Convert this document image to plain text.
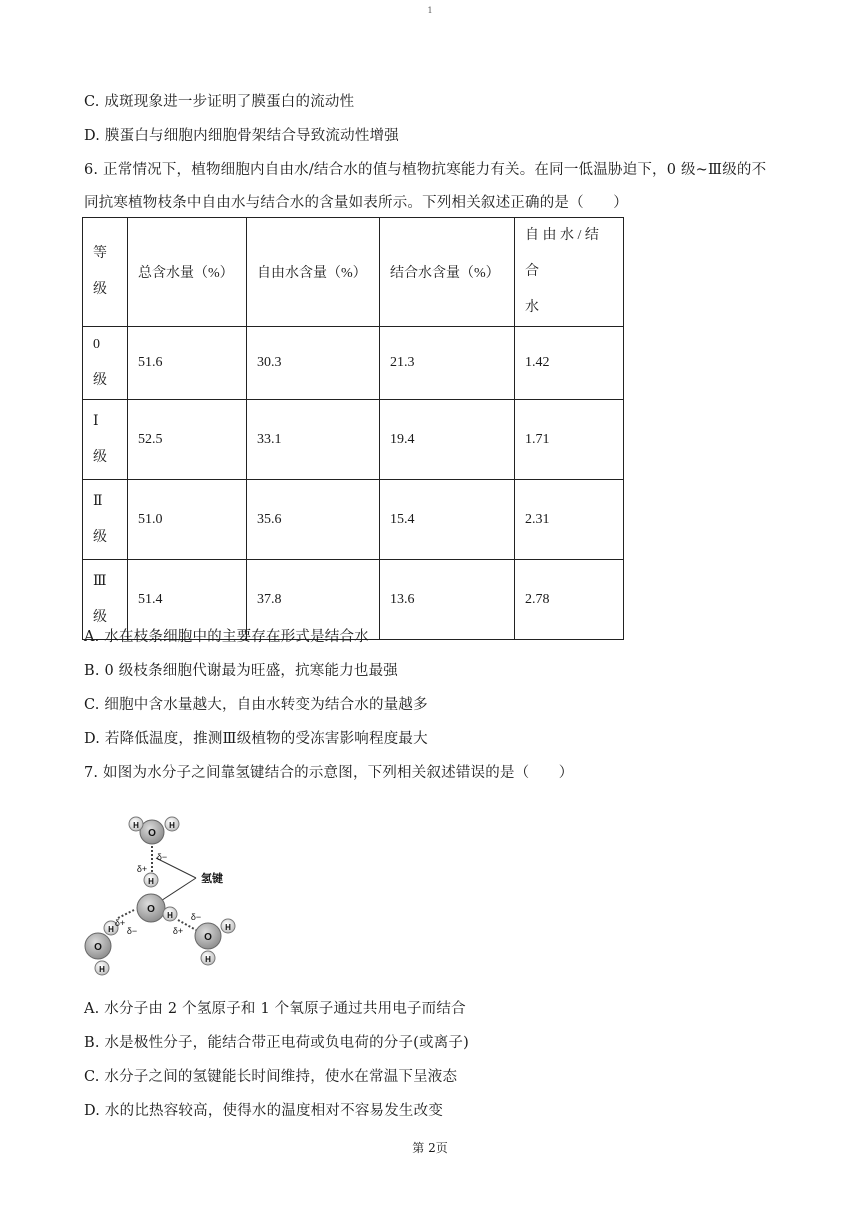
1
C. 成斑现象进一步证明了膜蛋白的流动性
D. 膜蛋白与细胞内细胞骨架结合导致流动性增强
6. 正常情况下，植物细胞内自由水/结合水的值与植物抗寒能力有关。在同一低温胁迫下，0 级~Ⅲ级的不
同抗寒植物枝条中自由水与结合水的含量如表所示。下列相关叙述正确的是（　　）
等
级	总含水量（%）	自由水含量（%）	结合水含量（%）	自 由 水 / 结 合
水
0 级	51.6	30.3	21.3	1.42
Ⅰ
级	52.5	33.1	19.4	1.71
Ⅱ
级	51.0	35.6	15.4	2.31
Ⅲ
级	51.4	37.8	13.6	2.78
A. 水在枝条细胞中的主要存在形式是结合水
B. 0 级枝条细胞代谢最为旺盛，抗寒能力也最强
C. 细胞中含水量越大，自由水转变为结合水的量越多
D. 若降低温度，推测Ⅲ级植物的受冻害影响程度最大
7. 如图为水分子之间靠氢键结合的示意图，下列相关叙述错误的是（　　）
O
H	H
O
H
H
O
H
H
O
H
H
δ−
δ+
δ+
δ−	δ+
δ−
氢键
A. 水分子由 2 个氢原子和 1 个氧原子通过共用电子而结合
B. 水是极性分子，能结合带正电荷或负电荷的分子(或离子)
C. 水分子之间的氢键能长时间维持，使水在常温下呈液态
D. 水的比热容较高，使得水的温度相对不容易发生改变
第 2页
